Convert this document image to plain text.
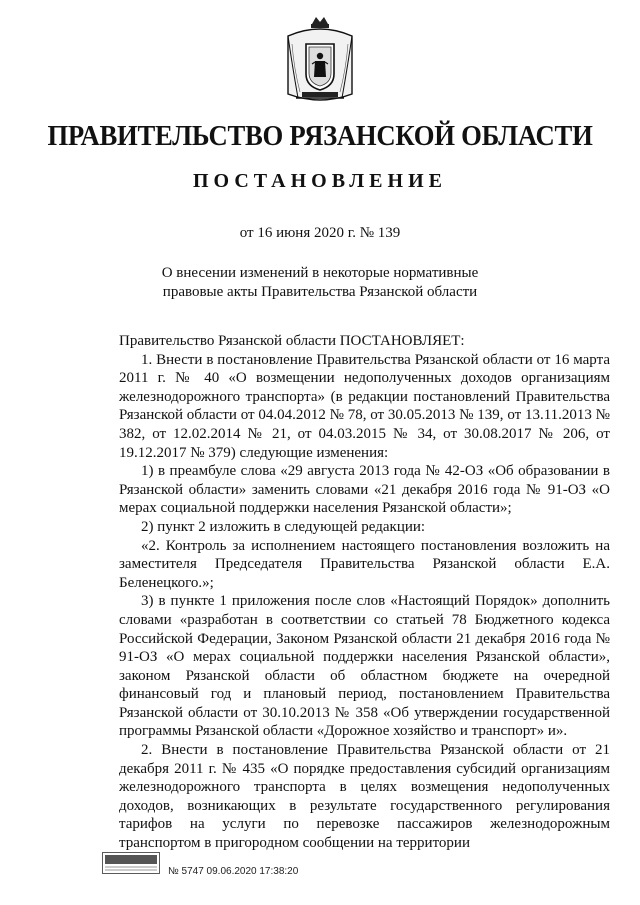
ПРАВИТЕЛЬСТВО РЯЗАНСКОЙ ОБЛАСТИ
ПОСТАНОВЛЕНИЕ
от 16 июня 2020 г. № 139
О внесении изменений в некоторые нормативные
правовые акты Правительства Рязанской области

Правительство Рязанской области ПОСТАНОВЛЯЕТ:

1. Внести в постановление Правительства Рязанской области от 16 марта 2011 г. № 40 «О возмещении недополученных доходов организациям железнодорожного транспорта» (в редакции постановлений Правительства Рязанской области от 04.04.2012 № 78, от 30.05.2013 № 139, от 13.11.2013 № 382, от 12.02.2014 № 21, от 04.03.2015 № 34, от 30.08.2017 № 206, от 19.12.2017 № 379) следующие изменения:

1) в преамбуле слова «29 августа 2013 года № 42-ОЗ «Об образовании в Рязанской области» заменить словами «21 декабря 2016 года № 91-ОЗ «О мерах социальной поддержки населения Рязанской области»;

2) пункт 2 изложить в следующей редакции:

«2. Контроль за исполнением настоящего постановления возложить на заместителя Председателя Правительства Рязанской области Е.А. Беленецкого.»;

3) в пункте 1 приложения после слов «Настоящий Порядок» дополнить словами «разработан в соответствии со статьей 78 Бюджетного кодекса Российской Федерации, Законом Рязанской области 21 декабря 2016 года № 91-ОЗ «О мерах социальной поддержки населения Рязанской области», законом Рязанской области об областном бюджете на очередной финансовый год и плановый период, постановлением Правительства Рязанской области от 30.10.2013 № 358 «Об утверждении государственной программы Рязанской области «Дорожное хозяйство и транспорт» и».

2. Внести в постановление Правительства Рязанской области от 21 декабря 2011 г. № 435 «О порядке предоставления субсидий организациям железнодорожного транспорта в целях возмещения недополученных доходов, возникающих в результате государственного регулирования тарифов на услуги по перевозке пассажиров железнодорожным транспортом в пригородном сообщении на территории

№ 5747 09.06.2020 17:38:20
